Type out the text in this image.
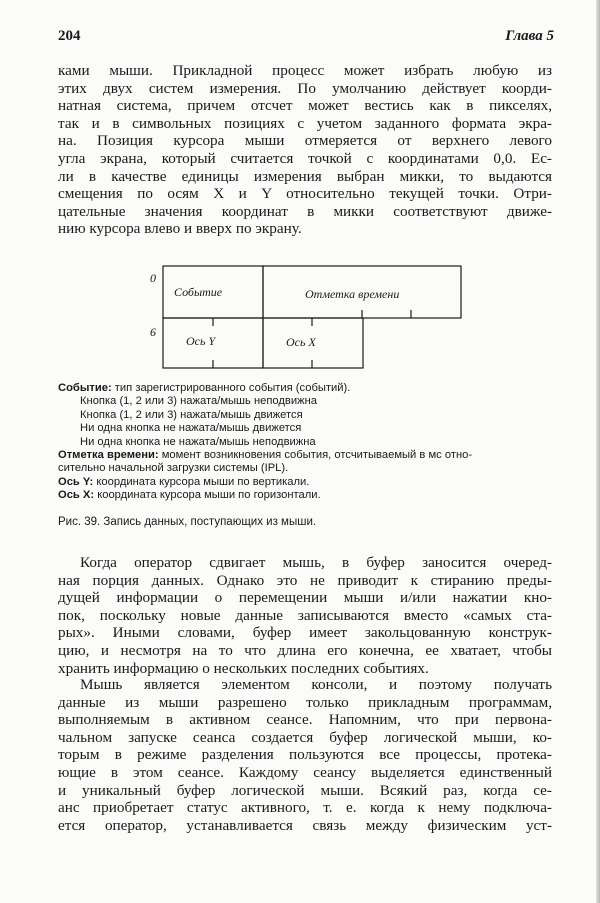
204	Глава 5
ками мыши. Прикладной процесс может избрать любую из
этих двух систем измерения. По умолчанию действует коорди-
натная система, причем отсчет может вестись как в пикселях,
так и в символьных позициях с учетом заданного формата экра-
на. Позиция курсора мыши отмеряется от верхнего левого
угла экрана, который считается точкой с координатами 0,0. Ес-
ли в качестве единицы измерения выбран микки, то выдаются
смещения по осям X и Y относительно текущей точки. Отри-
цательные значения координат в микки соответствуют движе-
нию курсора влево и вверх по экрану.
0
6
Событие	Отметка времени
Ось Y	Ось X
Событие: тип зарегистрированного события (событий).
Кнопка (1, 2 или 3) нажата/мышь неподвижна
Кнопка (1, 2 или 3) нажата/мышь движется
Ни одна кнопка не нажата/мышь движется
Ни одна кнопка не нажата/мышь неподвижна
Отметка времени: момент возникновения события, отсчитываемый в мс отно-
сительно начальной загрузки системы (IPL).
Ось Y: координата курсора мыши по вертикали.
Ось X: координата курсора мыши по горизонтали.
Рис. 39. Запись данных, поступающих из мыши.
Когда оператор сдвигает мышь, в буфер заносится очеред-
ная порция данных. Однако это не приводит к стиранию преды-
дущей информации о перемещении мыши и/или нажатии кно-
пок, поскольку новые данные записываются вместо «самых ста-
рых». Иными словами, буфер имеет закольцованную конструк-
цию, и несмотря на то что длина его конечна, ее хватает, чтобы
хранить информацию о нескольких последних событиях.
Мышь является элементом консоли, и поэтому получать
данные из мыши разрешено только прикладным программам,
выполняемым в активном сеансе. Напомним, что при первона-
чальном запуске сеанса создается буфер логической мыши, ко-
торым в режиме разделения пользуются все процессы, протека-
ющие в этом сеансе. Каждому сеансу выделяется единственный
и уникальный буфер логической мыши. Всякий раз, когда се-
анс приобретает статус активного, т. е. когда к нему подключа-
ется оператор, устанавливается связь между физическим уст-
